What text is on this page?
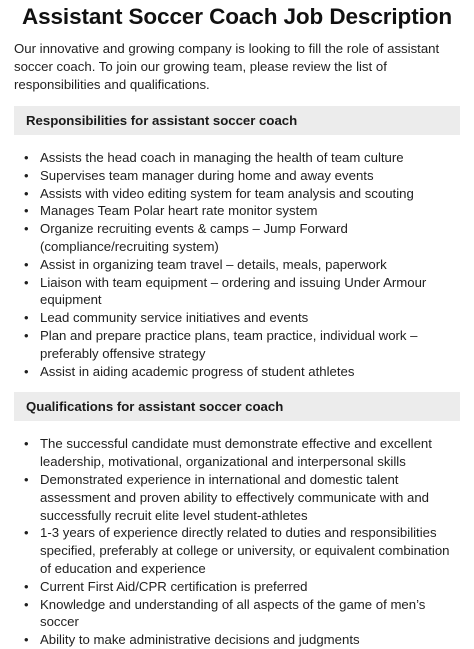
Assistant Soccer Coach Job Description

Our innovative and growing company is looking to fill the role of assistant soccer coach. To join our growing team, please review the list of responsibilities and qualifications.

Responsibilities for assistant soccer coach
• Assists the head coach in managing the health of team culture
• Supervises team manager during home and away events
• Assists with video editing system for team analysis and scouting
• Manages Team Polar heart rate monitor system
• Organize recruiting events & camps – Jump Forward (compliance/recruiting system)
• Assist in organizing team travel – details, meals, paperwork
• Liaison with team equipment – ordering and issuing Under Armour equipment
• Lead community service initiatives and events
• Plan and prepare practice plans, team practice, individual work – preferably offensive strategy
• Assist in aiding academic progress of student athletes
Qualifications for assistant soccer coach
• The successful candidate must demonstrate effective and excellent leadership, motivational, organizational and interpersonal skills
• Demonstrated experience in international and domestic talent assessment and proven ability to effectively communicate with and successfully recruit elite level student-athletes
• 1-3 years of experience directly related to duties and responsibilities specified, preferably at college or university, or equivalent combination of education and experience
• Current First Aid/CPR certification is preferred
• Knowledge and understanding of all aspects of the game of men’s soccer
• Ability to make administrative decisions and judgments
